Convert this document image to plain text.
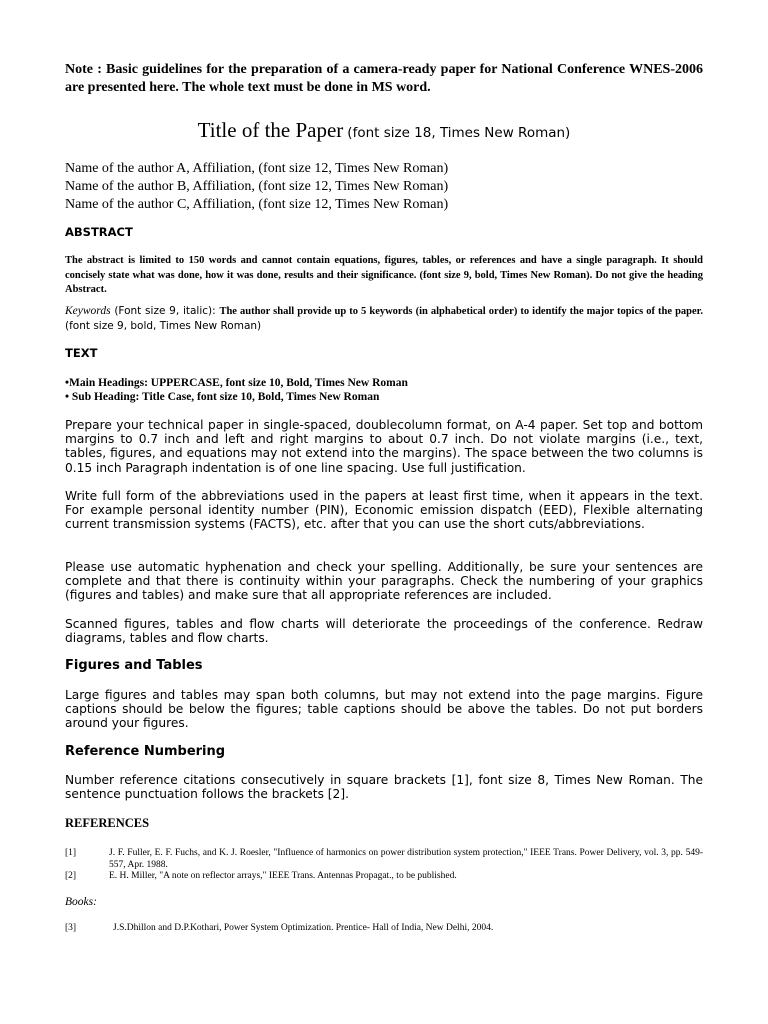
Note : Basic guidelines for the preparation of a camera-ready paper for National Conference WNES-2006 are presented here. The whole text must be done in MS word.

Title of the Paper (font size 18, Times New Roman)
Name of the author A, Affiliation, (font size 12, Times New Roman)
Name of the author B, Affiliation, (font size 12, Times New Roman)
Name of the author C, Affiliation, (font size 12, Times New Roman)
ABSTRACT

The abstract is limited to 150 words and cannot contain equations, figures, tables, or references and have a single paragraph. It should concisely state what was done, how it was done, results and their significance. (font size 9, bold, Times New Roman). Do not give the heading Abstract.

Keywords (Font size 9, italic): The author shall provide up to 5 keywords (in alphabetical order) to identify the major topics of the paper. (font size 9, bold, Times New Roman)

TEXT
•Main Headings: UPPERCASE, font size 10, Bold, Times New Roman
• Sub Heading: Title Case, font size 10, Bold, Times New Roman

Prepare your technical paper in single-spaced, doublecolumn format, on A-4 paper. Set top and bottom margins to 0.7 inch and left and right margins to about 0.7 inch. Do not violate margins (i.e., text, tables, figures, and equations may not extend into the margins). The space between the two columns is 0.15 inch Paragraph indentation is of one line spacing. Use full justification.

Write full form of the abbreviations used in the papers at least first time, when it appears in the text. For example personal identity number (PIN), Economic emission dispatch (EED), Flexible alternating current transmission systems (FACTS), etc. after that you can use the short cuts/abbreviations.

Please use automatic hyphenation and check your spelling. Additionally, be sure your sentences are complete and that there is continuity within your paragraphs. Check the numbering of your graphics (figures and tables) and make sure that all appropriate references are included.

Scanned figures, tables and flow charts will deteriorate the proceedings of the conference. Redraw diagrams, tables and flow charts.

Figures and Tables

Large figures and tables may span both columns, but may not extend into the page margins. Figure captions should be below the figures; table captions should be above the tables. Do not put borders around your figures.

Reference Numbering

Number reference citations consecutively in square brackets [1], font size 8, Times New Roman. The sentence punctuation follows the brackets [2].

REFERENCES
[1]	J. F. Fuller, E. F. Fuchs, and K. J. Roesler, "Influence of harmonics on power distribution system protection," IEEE Trans. Power Delivery, vol. 3, pp. 549-557, Apr. 1988.
[2]	E. H. Miller, "A note on reflector arrays," IEEE Trans. Antennas Propagat., to be published.
Books:
[3]	J.S.Dhillon and D.P.Kothari, Power System Optimization. Prentice- Hall of India, New Delhi, 2004.
